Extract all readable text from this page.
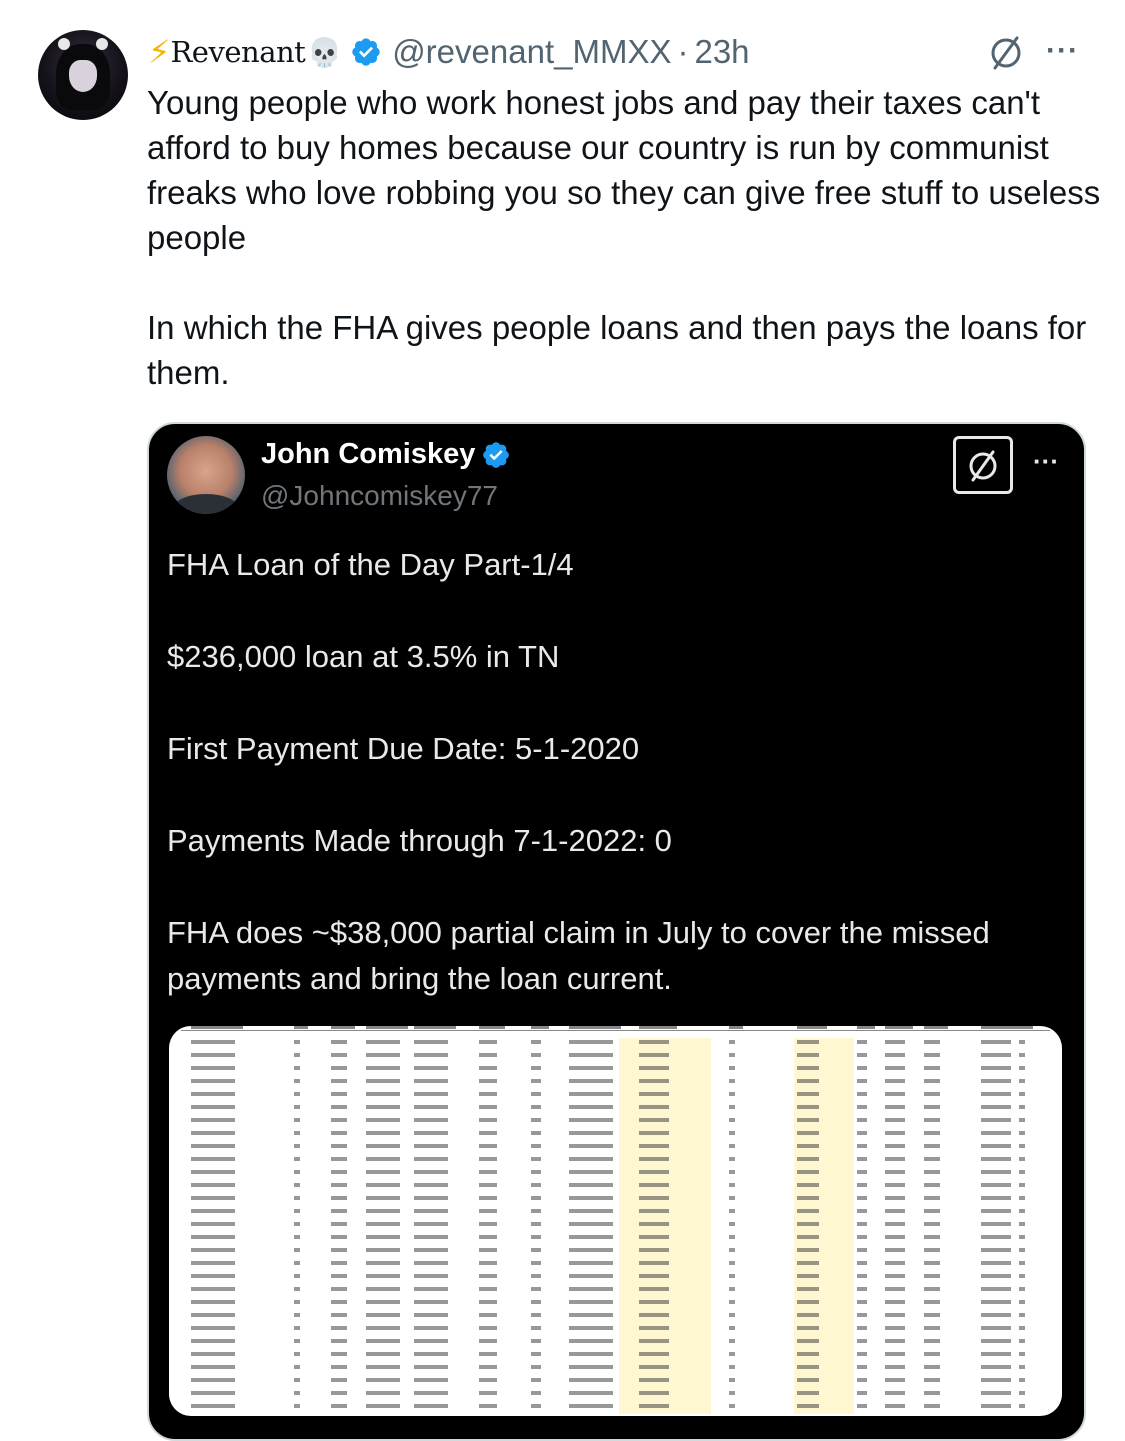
⚡ Revenant 💀 @revenant_MMXX · 23h	···

Young people who work honest jobs and pay their taxes can't afford to buy homes because our country is run by communist freaks who love robbing you so they can give free stuff to useless people

In which the FHA gives people loans and then pays the loans for them.

John Comiskey
@Johncomiskey77
···

FHA Loan of the Day Part-1/4

$236,000 loan at 3.5% in TN

First Payment Due Date: 5-1-2020

Payments Made through 7-1-2022: 0

FHA does ~$38,000 partial claim in July to cover the missed payments and bring the loan current.
